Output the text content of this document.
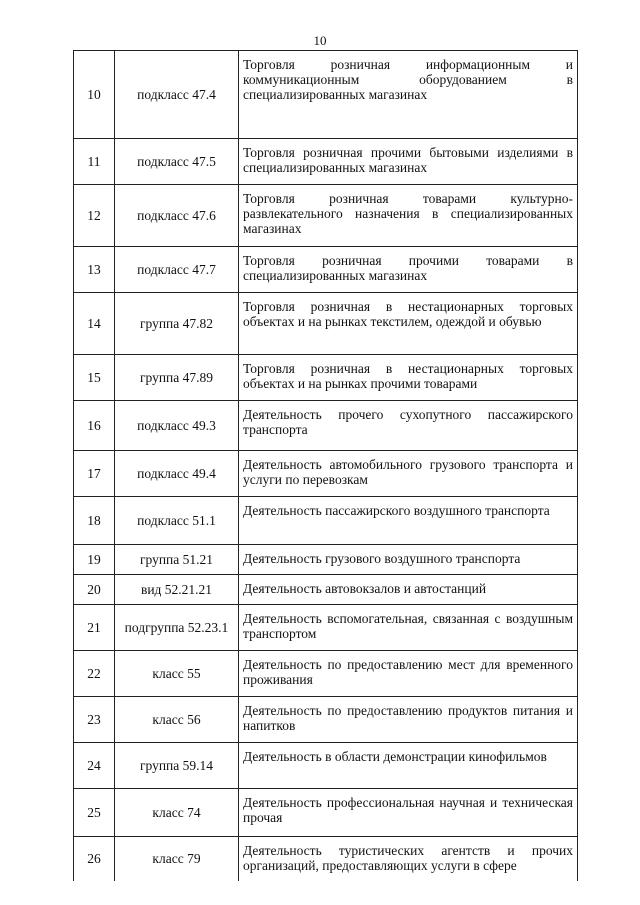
10
10	подкласс 47.4	Торговля розничная информационным и коммуникационным оборудованием в специализированных магазинах

11	подкласс 47.5	Торговля розничная прочими бытовыми изделиями в специализированных магазинах

12	подкласс 47.6	Торговля розничная товарами культурно-развлекательного назначения в специализированных магазинах

13	подкласс 47.7	Торговля розничная прочими товарами в специализированных магазинах

14	группа 47.82	Торговля розничная в нестационарных торговых объектах и на рынках текстилем, одеждой и обувью

15	группа 47.89	Торговля розничная в нестационарных торговых объектах и на рынках прочими товарами

16	подкласс 49.3	Деятельность прочего сухопутного пассажирского транспорта

17	подкласс 49.4	Деятельность автомобильного грузового транспорта и услуги по перевозкам

18	подкласс 51.1	Деятельность пассажирского воздушного транспорта

19	группа 51.21	Деятельность грузового воздушного транспорта

20	вид 52.21.21	Деятельность автовокзалов и автостанций

21	подгруппа 52.23.1	Деятельность вспомогательная, связанная с воздушным транспортом

22	класс 55	Деятельность по предоставлению мест для временного проживания

23	класс 56	Деятельность по предоставлению продуктов питания и напитков

24	группа 59.14	Деятельность в области демонстрации кинофильмов

25	класс 74	Деятельность профессиональная научная и техническая прочая

26	класс 79	Деятельность туристических агентств и прочих организаций, предоставляющих услуги в сфере
